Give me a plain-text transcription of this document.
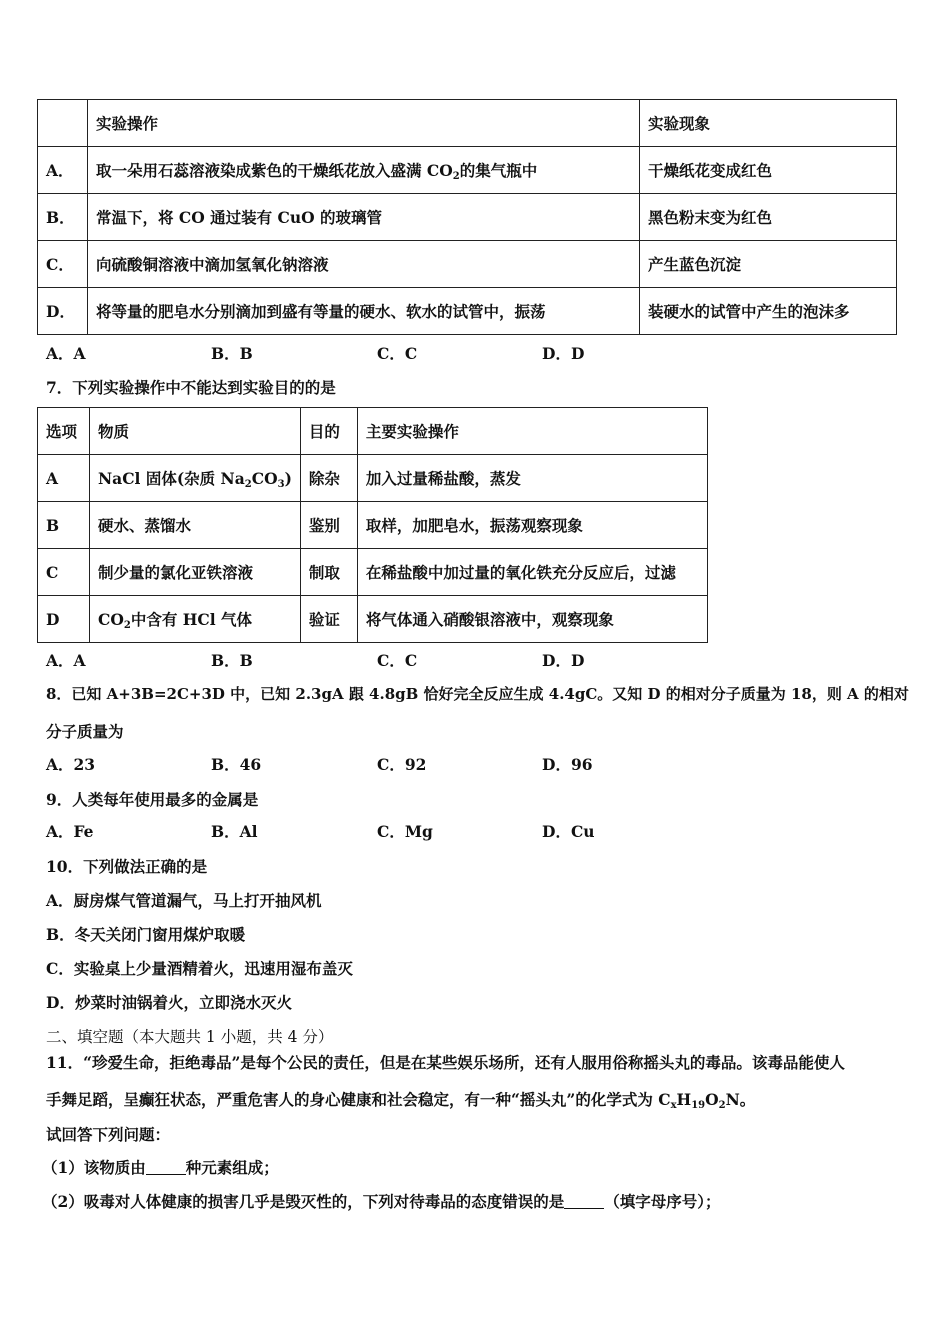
	实验操作	实验现象
A．	取一朵用石蕊溶液染成紫色的干燥纸花放入盛满 $CO_2$的集气瓶中	干燥纸花变成红色
B．	常温下，将 CO 通过装有 CuO 的玻璃管	黑色粉末变为红色
C．	向硫酸铜溶液中滴加氢氧化钠溶液	产生蓝色沉淀
D．	将等量的肥皂水分别滴加到盛有等量的硬水、软水的试管中，振荡	装硬水的试管中产生的泡沫多
A．A	B．B	C．C	D．D
7．下列实验操作中不能达到实验目的的是
选项	物质	目的	主要实验操作
A	NaCl 固体(杂质 $Na_2CO_3$)	除杂	加入过量稀盐酸，蒸发
B	硬水、蒸馏水	鉴别	取样，加肥皂水，振荡观察现象
C	制少量的氯化亚铁溶液	制取	在稀盐酸中加过量的氧化铁充分反应后，过滤
D	$CO_2$中含有 HCl 气体	验证	将气体通入硝酸银溶液中，观察现象
A．A	B．B	C．C	D．D
8．已知 A+3B=2C+3D 中，已知 2.3gA 跟 4.8gB 恰好完全反应生成 4.4gC。又知 D 的相对分子质量为 18，则 A 的相对
分子质量为
A．23	B．46	C．92	D．96
9．人类每年使用最多的金属是
A．Fe	B．Al	C．Mg	D．Cu
10．下列做法正确的是
A．厨房煤气管道漏气，马上打开抽风机
B．冬天关闭门窗用煤炉取暖
C．实验桌上少量酒精着火，迅速用湿布盖灭
D．炒菜时油锅着火，立即浇水灭火
二、填空题（本大题共 1 小题，共 4 分）
11．“珍爱生命，拒绝毒品”是每个公民的责任，但是在某些娱乐场所，还有人服用俗称摇头丸的毒品。该毒品能使人
手舞足蹈，呈癫狂状态，严重危害人的身心健康和社会稳定，有一种“摇头丸”的化学式为 $C_xH_{19}O_2N$。
试回答下列问题：
（1）该物质由	种元素组成；
（2）吸毒对人体健康的损害几乎是毁灭性的，下列对待毒品的态度错误的是	（填字母序号）；
